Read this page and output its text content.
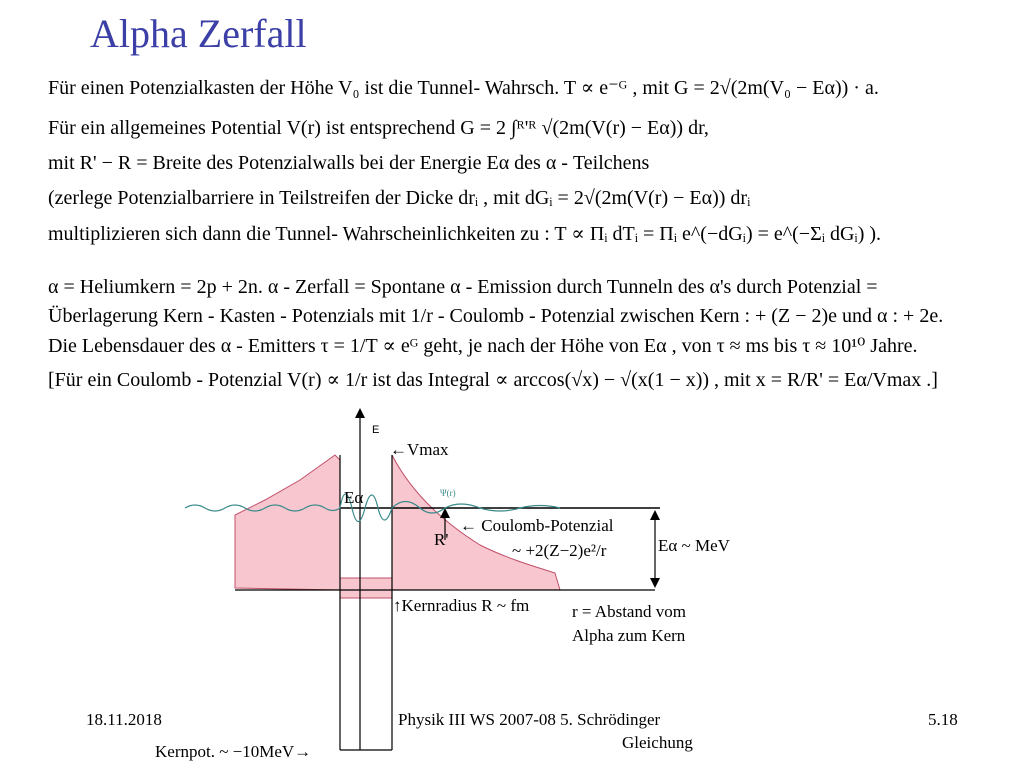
Alpha Zerfall
Für einen Potenzialkasten der Höhe V₀ ist die Tunnel- Wahrsch. T ∝ e⁻ᴳ , mit G = 2√(2m(V₀ − Eα)) · a.
Für ein allgemeines Potential V(r) ist entsprechend G = 2 ∫ᴿ'ᴿ √(2m(V(r) − Eα)) dr,
mit R' − R = Breite des Potenzialwalls bei der Energie Eα des α - Teilchens
(zerlege Potenzialbarriere in Teilstreifen der Dicke drᵢ , mit dGᵢ = 2√(2m(V(r) − Eα)) drᵢ
multiplizieren sich dann die Tunnel- Wahrscheinlichkeiten zu : T ∝ Πᵢ dTᵢ = Πᵢ e^(−dGᵢ) = e^(−Σᵢ dGᵢ) ).
α = Heliumkern = 2p + 2n. α - Zerfall = Spontane α - Emission durch Tunneln des α's durch Potenzial =
Überlagerung Kern - Kasten - Potenzials mit 1/r - Coulomb - Potenzial zwischen Kern : + (Z − 2)e und α : + 2e.
Die Lebensdauer des α - Emitters τ = 1/T ∝ eᴳ geht, je nach der Höhe von Eα , von τ ≈ ms bis τ ≈ 10¹⁰ Jahre.
[Für ein Coulomb - Potenzial V(r) ∝ 1/r ist das Integral ∝ arccos(√x) − √(x(1 − x)) , mit x = R/R' = Eα/Vmax .]
E
←Vmax
Eα	Ψ(r)
← Coulomb-Potenzial
~ +2(Z−2)e²/r
R'	Eα ~ MeV
↑Kernradius R ~ fm	r = Abstand vom
Alpha zum Kern
Kernpot. ~ −10MeV→
18.11.2018	Physik III WS 2007-08 5. Schrödinger
Gleichung
5.18
